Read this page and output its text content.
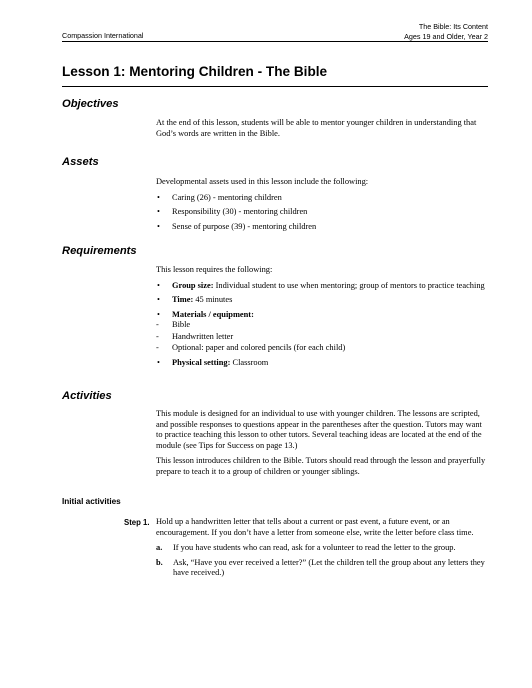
Compassion International
The Bible: Its Content
Ages 19 and Older, Year 2
Lesson 1: Mentoring Children - The Bible
Objectives

At the end of this lesson, students will be able to mentor younger children in understanding that God’s words are written in the Bible.

Assets

Developmental assets used in this lesson include the following:

• Caring (26) - mentoring children
• Responsibility (30) - mentoring children
• Sense of purpose (39) - mentoring children
Requirements

This lesson requires the following:

• Group size: Individual student to use when mentoring; group of mentors to practice teaching
• Time: 45 minutes
• Materials / equipment:
- Bible
- Handwritten letter
- Optional: paper and colored pencils (for each child)
• Physical setting: Classroom
Activities

This module is designed for an individual to use with younger children. The lessons are scripted, and possible responses to questions appear in the parentheses after the question. Tutors may want to practice teaching this lesson to other tutors. Several teaching ideas are located at the end of the module (see Tips for Success on page 13.)

This lesson introduces children to the Bible. Tutors should read through the lesson and prayerfully prepare to teach it to a group of children or younger siblings.

Initial activities
Step 1. Hold up a handwritten letter that tells about a current or past event, a future event, or an encouragement. If you don’t have a letter from someone else, write the letter before class time.

a. If you have students who can read, ask for a volunteer to read the letter to the group.
b. Ask, “Have you ever received a letter?” (Let the children tell the group about any letters they have received.)
